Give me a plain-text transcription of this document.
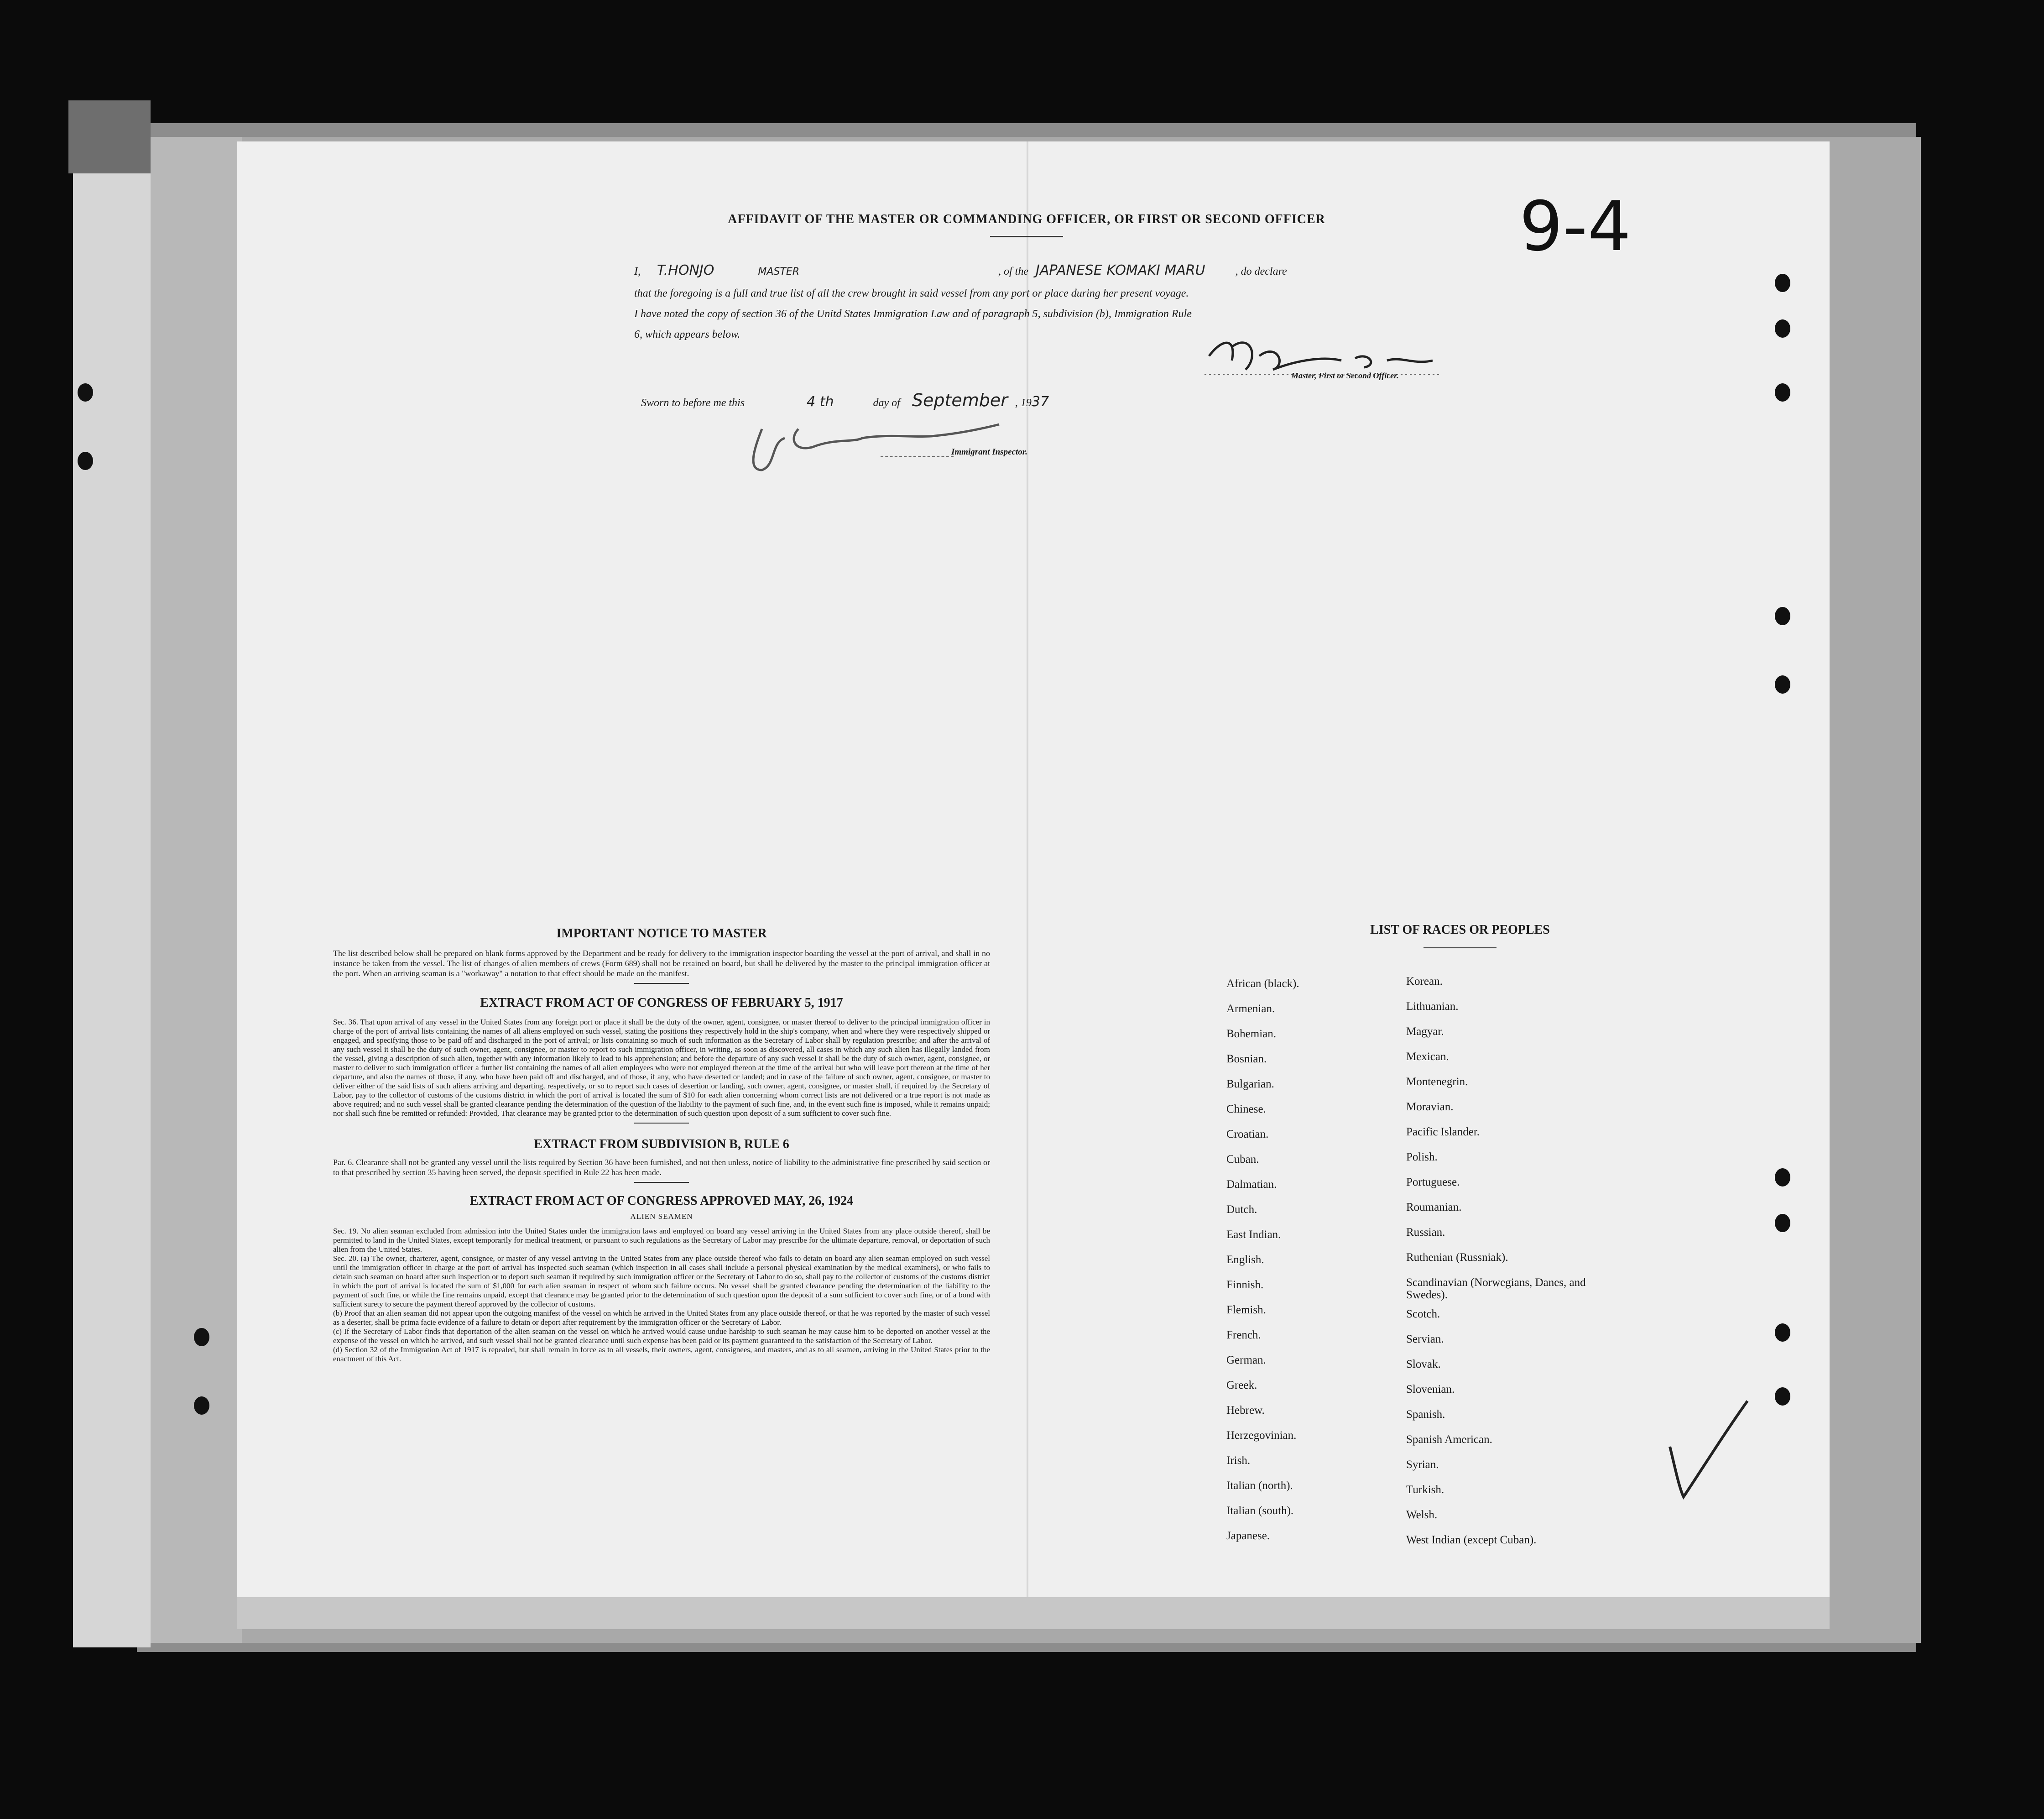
9-4
AFFIDAVIT OF THE MASTER OR COMMANDING OFFICER, OR FIRST OR SECOND OFFICER
I, T.HONJO	MASTER	, of the JAPANESE KOMAKI MARU	, do declare
that the foregoing is a full and true list of all the crew brought in said vessel from any port or place during her present voyage.
I have noted the copy of section 36 of the Unitd States Immigration Law and of paragraph 5, subdivision (b), Immigration Rule
6, which appears below.
Master, First or Second Officer.
Sworn to before me this	4 th	day of September , 1937
Immigrant Inspector.
IMPORTANT NOTICE TO MASTER
The list described below shall be prepared on blank forms approved by the Department and be ready for delivery to the immigration inspector boarding the vessel at the port of arrival, and shall in no instance be taken from the vessel. The list of changes of alien members of crews (Form 689) shall not be retained on board, but shall be delivered by the master to the principal immigration officer at the port. When an arriving seaman is a "workaway" a notation to that effect should be made on the manifest.
EXTRACT FROM ACT OF CONGRESS OF FEBRUARY 5, 1917
Sec. 36. That upon arrival of any vessel in the United States from any foreign port or place it shall be the duty of the owner, agent, consignee, or master thereof to deliver to the principal immigration officer in charge of the port of arrival lists containing the names of all aliens employed on such vessel, stating the positions they respectively hold in the ship's company, when and where they were respectively shipped or engaged, and specifying those to be paid off and discharged in the port of arrival; or lists containing so much of such information as the Secretary of Labor shall by regulation prescribe; and after the arrival of any such vessel it shall be the duty of such owner, agent, consignee, or master to report to such immigration officer, in writing, as soon as discovered, all cases in which any such alien has illegally landed from the vessel, giving a description of such alien, together with any information likely to lead to his apprehension; and before the departure of any such vessel it shall be the duty of such owner, agent, consignee, or master to deliver to such immigration officer a further list containing the names of all alien employees who were not employed thereon at the time of the arrival but who will leave port thereon at the time of her departure, and also the names of those, if any, who have been paid off and discharged, and of those, if any, who have deserted or landed; and in case of the failure of such owner, agent, consignee, or master to deliver either of the said lists of such aliens arriving and departing, respectively, or so to report such cases of desertion or landing, such owner, agent, consignee, or master shall, if required by the Secretary of Labor, pay to the collector of customs of the customs district in which the port of arrival is located the sum of $10 for each alien concerning whom correct lists are not delivered or a true report is not made as above required; and no such vessel shall be granted clearance pending the determination of the question of the liability to the payment of such fine, and, in the event such fine is imposed, while it remains unpaid; nor shall such fine be remitted or refunded: Provided, That clearance may be granted prior to the determination of such question upon deposit of a sum sufficient to cover such fine.
EXTRACT FROM SUBDIVISION B, RULE 6
Par. 6. Clearance shall not be granted any vessel until the lists required by Section 36 have been furnished, and not then unless, notice of liability to the administrative fine prescribed by said section or to that prescribed by section 35 having been served, the deposit specified in Rule 22 has been made.
EXTRACT FROM ACT OF CONGRESS APPROVED MAY, 26, 1924
ALIEN SEAMEN
Sec. 19. No alien seaman excluded from admission into the United States under the immigration laws and employed on board any vessel arriving in the United States from any place outside thereof, shall be permitted to land in the United States, except temporarily for medical treatment, or pursuant to such regulations as the Secretary of Labor may prescribe for the ultimate departure, removal, or deportation of such alien from the United States.
Sec. 20. (a) The owner, charterer, agent, consignee, or master of any vessel arriving in the United States from any place outside thereof who fails to detain on board any alien seaman employed on such vessel until the immigration officer in charge at the port of arrival has inspected such seaman (which inspection in all cases shall include a personal physical examination by the medical examiners), or who fails to detain such seaman on board after such inspection or to deport such seaman if required by such immigration officer or the Secretary of Labor to do so, shall pay to the collector of customs of the customs district in which the port of arrival is located the sum of $1,000 for each alien seaman in respect of whom such failure occurs. No vessel shall be granted clearance pending the determination of the liability to the payment of such fine, or while the fine remains unpaid, except that clearance may be granted prior to the determination of such question upon the deposit of a sum sufficient to cover such fine, or of a bond with sufficient surety to secure the payment thereof approved by the collector of customs.
(b) Proof that an alien seaman did not appear upon the outgoing manifest of the vessel on which he arrived in the United States from any place outside thereof, or that he was reported by the master of such vessel as a deserter, shall be prima facie evidence of a failure to detain or deport after requirement by the immigration officer or the Secretary of Labor.
(c) If the Secretary of Labor finds that deportation of the alien seaman on the vessel on which he arrived would cause undue hardship to such seaman he may cause him to be deported on another vessel at the expense of the vessel on which he arrived, and such vessel shall not be granted clearance until such expense has been paid or its payment guaranteed to the satisfaction of the Secretary of Labor.
(d) Section 32 of the Immigration Act of 1917 is repealed, but shall remain in force as to all vessels, their owners, agent, consignees, and masters, and as to all seamen, arriving in the United States prior to the enactment of this Act.
LIST OF RACES OR PEOPLES
African (black).
Armenian.
Bohemian.
Bosnian.
Bulgarian.
Chinese.
Croatian.
Cuban.
Dalmatian.
Dutch.
East Indian.
English.
Finnish.
Flemish.
French.
German.
Greek.
Hebrew.
Herzegovinian.
Irish.
Italian (north).
Italian (south).
Japanese.
Korean.
Lithuanian.
Magyar.
Mexican.
Montenegrin.
Moravian.
Pacific Islander.
Polish.
Portuguese.
Roumanian.
Russian.
Ruthenian (Russniak).
Scandinavian (Norwegians, Danes, and Swedes).
Scotch.
Servian.
Slovak.
Slovenian.
Spanish.
Spanish American.
Syrian.
Turkish.
Welsh.
West Indian (except Cuban).
